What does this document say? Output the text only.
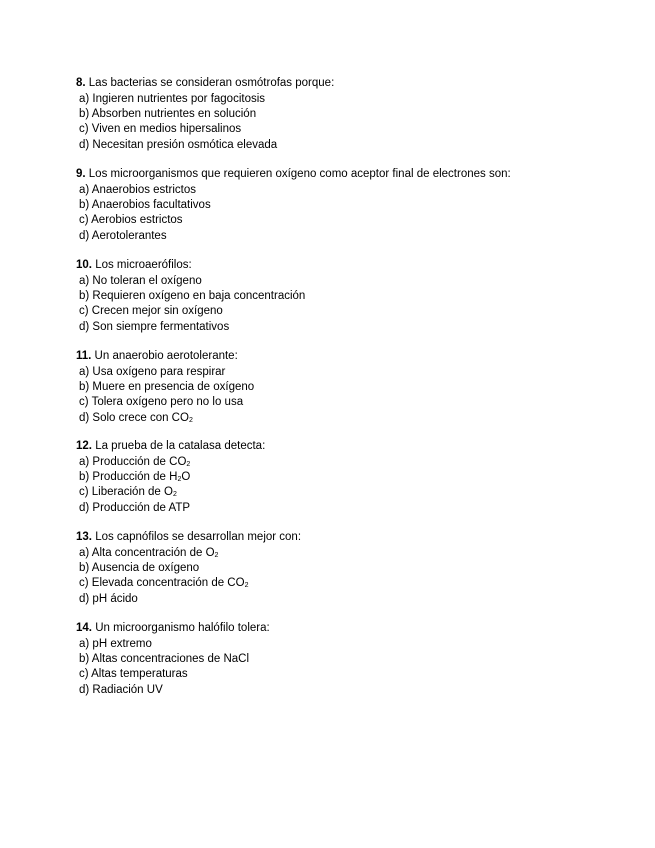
8. Las bacterias se consideran osmótrofas porque:

a) Ingieren nutrientes por fagocitosis
b) Absorben nutrientes en solución
c) Viven en medios hipersalinos
d) Necesitan presión osmótica elevada

9. Los microorganismos que requieren oxígeno como aceptor final de electrones son:

a) Anaerobios estrictos
b) Anaerobios facultativos
c) Aerobios estrictos
d) Aerotolerantes

10. Los microaerófilos:

a) No toleran el oxígeno
b) Requieren oxígeno en baja concentración
c) Crecen mejor sin oxígeno
d) Son siempre fermentativos

11. Un anaerobio aerotolerante:

a) Usa oxígeno para respirar
b) Muere en presencia de oxígeno
c) Tolera oxígeno pero no lo usa
d) Solo crece con CO2

12. La prueba de la catalasa detecta:

a) Producción de CO2
b) Producción de H2O
c) Liberación de O2
d) Producción de ATP

13. Los capnófilos se desarrollan mejor con:

a) Alta concentración de O2
b) Ausencia de oxígeno
c) Elevada concentración de CO2
d) pH ácido

14. Un microorganismo halófilo tolera:

a) pH extremo
b) Altas concentraciones de NaCl
c) Altas temperaturas
d) Radiación UV
